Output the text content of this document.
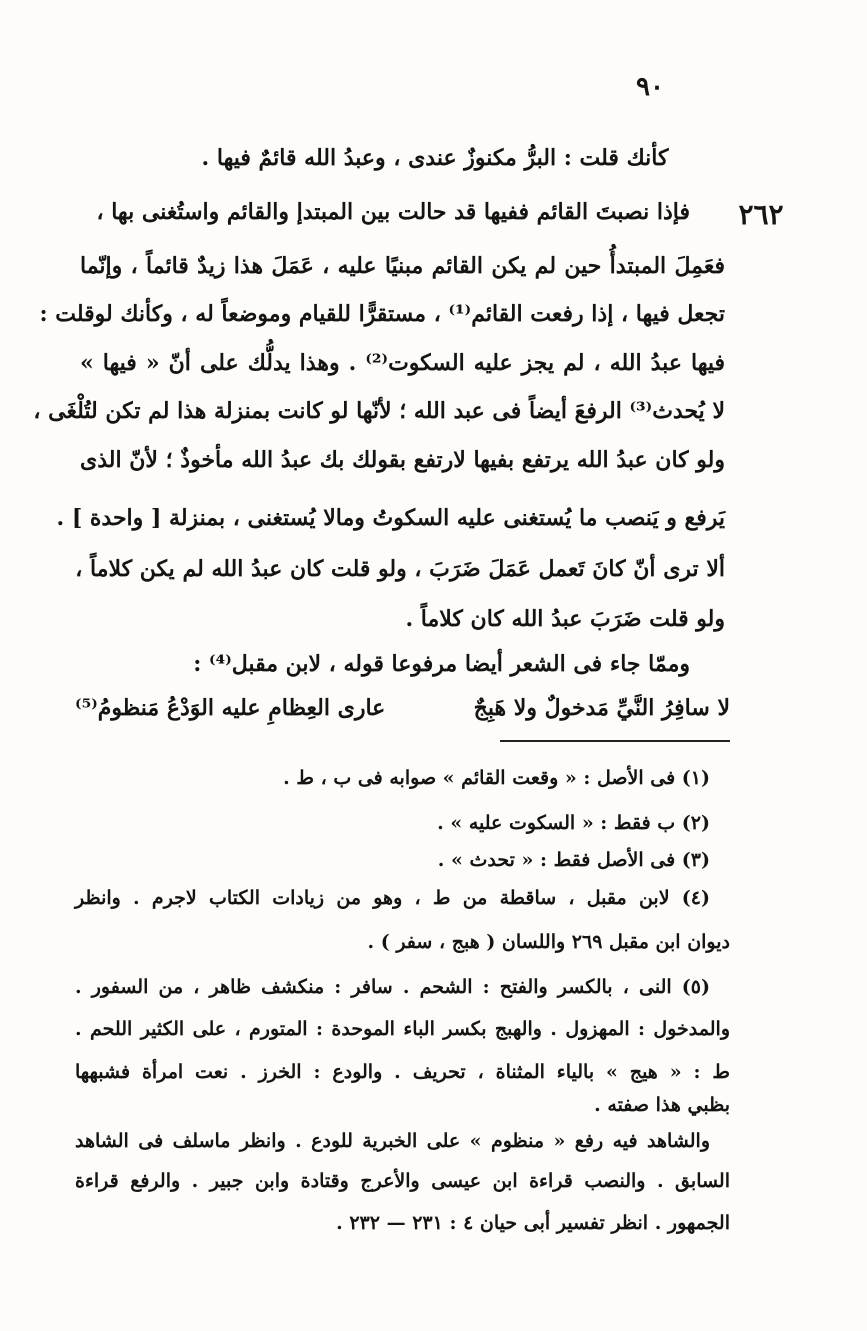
٩٠
٢٦٢
كأنك قلت : البرُّ مكنوزٌ عندى ، وعبدُ الله قائمٌ فيها .
فإذا نصبتَ القائم ففيها قد حالت بين المبتدإ والقائم واستُغنى بها ،
فعَمِلَ المبتدأُ حين لم يكن القائم مبنيًا عليه ، عَمَلَ هذا زيدٌ قائماً ، وإنّما
تجعل فيها ، إذا رفعت القائم⁽¹⁾ ، مستقرًّا للقيام وموضعاً له ، وكأنك لوقلت :
فيها عبدُ الله ، لم يجز عليه السكوت⁽²⁾ . وهذا يدلُّك على أنّ « فيها »
لا يُحدث⁽³⁾ الرفعَ أيضاً فى عبد الله ؛ لأنّها لو كانت بمنزلة هذا لم تكن لتُلْغَى ،
ولو كان عبدُ الله يرتفع بفيها لارتفع بقولك بك عبدُ الله مأخوذٌ ؛ لأنّ الذى
يَرفع و يَنصب ما يُستغنى عليه السكوتُ ومالا يُستغنى ، بمنزلة [ واحدة ] .
ألا ترى أنّ كانَ تَعمل عَمَلَ ضَرَبَ ، ولو قلت كان عبدُ الله لم يكن كلاماً ،
ولو قلت ضَرَبَ عبدُ الله كان كلاماً .
وممّا جاء فى الشعر أيضا مرفوعا قوله ، لابن مقبل⁽⁴⁾ :
لا سافِرُ النَّيِّ مَدخولٌ ولا هَبِجٌ
عارى العِظامِ عليه الوَدْعُ مَنظومُ⁽⁵⁾
(١) فى الأصل : « وقعت القائم » صوابه فى ب ، ط .
(٢) ب فقط : « السكوت عليه » .
(٣) فى الأصل فقط : « تحدث » .
(٤) لابن مقبل ، ساقطة من ط ، وهو من زيادات الكتاب لاجرم . وانظر
ديوان ابن مقبل ٢٦٩ واللسان ( هبج ، سفر ) .
(٥) النى ، بالكسر والفتح : الشحم . سافر : منكشف ظاهر ، من السفور .
والمدخول : المهزول . والهبج بكسر الباء الموحدة : المتورم ، على الكثير اللحم .
ط : « هيج » بالياء المثناة ، تحريف . والودع : الخرز . نعت امرأة فشبهها
بظبي هذا صفته .
والشاهد فيه رفع « منظوم » على الخبرية للودع . وانظر ماسلف فى الشاهد
السابق . والنصب قراءة ابن عيسى والأعرج وقتادة وابن جبير . والرفع قراءة
الجمهور . انظر تفسير أبى حيان ٤ : ٢٣١ — ٢٣٢ .
